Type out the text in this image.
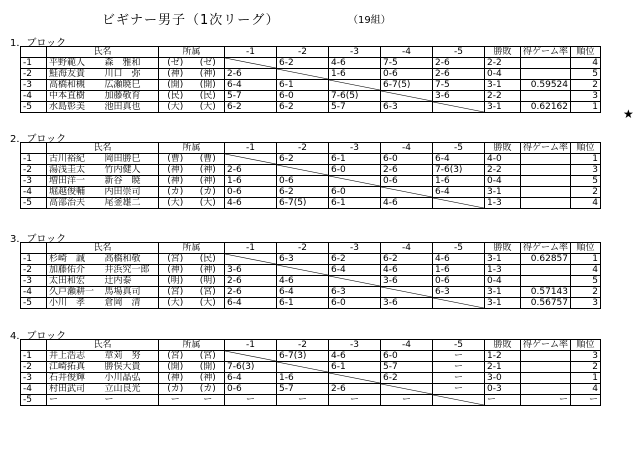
ビギナー男子（1次リーグ）	（19組）
1．ブロック
	氏名		所属		-1	-2	-3	-4	-5	勝敗	得ゲーム率	順位
-1	平野範人	森　雅和	(ゼ)	(ゼ)		6-2	4-6	7-5	2-6	2-2		4
-2	鮭海友貴	川口　弥	(神)	(神)	2-6		1-6	0-6	2-6	0-4		5
-3	高橋和槻	広瀬暁巳	(開)	(開)	6-4	6-1		6-7(5)	7-5	3-1	0.59524	2
-4	中本直樹	加藤敬育	(民)	(民)	5-7	6-0	7-6(5)		3-6	2-2		3
-5	水島彰美	池田真也	(大)	(大)	6-2	6-2	5-7	6-3		3-1	0.62162	1 ★
2．ブロック
	氏名		所属		-1	-2	-3	-4	-5	勝敗	得ゲーム率	順位
-1	古川裕紀	岡田勝巳	(曹)	(曹)		6-2	6-1	6-0	6-4	4-0		1
-2	湯浅圭太	竹内健人	(神)	(神)	2-6		6-0	2-6	7-6(3)	2-2		3
-3	増田洋一	新谷　暁	(神)	(神)	1-6	0-6		0-6	1-6	0-4		5
-4	堀越俊輔	内田崇司	(カ)	(カ)	0-6	6-2	6-0		6-4	3-1		2
-5	高部治夫	尾釜雄二	(大)	(大)	4-6	6-7(5)	6-1	4-6		1-3		4
3．ブロック
	氏名		所属		-1	-2	-3	-4	-5	勝敗	得ゲーム率	順位
-1	杉崎　誠	高橋和敬	(宮)	(民)		6-3	6-2	6-2	4-6	3-1	0.62857	1
-2	加藤佑介	井浜究一郎	(神)	(神)	3-6		6-4	4-6	1-6	1-3		4
-3	太田和宏	辻内泰	(明)	(明)	2-6	4-6		3-6	0-6	0-4		5
-4	久戸瀬耕一	馬場真司	(宮)	(宮)	2-6	6-4	6-3		6-3	3-1	0.57143	2
-5	小川　孝	倉岡　清	(大)	(大)	6-4	6-1	6-0	3-6		3-1	0.56757	3
4．ブロック
	氏名		所属		-1	-2	-3	-4	-5	勝敗	得ゲーム率	順位
-1	井上浩志	章苅　努	(宮)	(宮)		6-7(3)	4-6	6-0	ー	1-2		3
-2	江崎拓真	勝俣大貴	(開)	(開)	7-6(3)		6-1	5-7	ー	2-1		2
-3	石井俊輝	小川晶弘	(神)	(神)	6-4	1-6		6-2	ー	3-0		1
-4	村田武司	立山良光	(カ)	(カ)	0-6	5-7	2-6		ー	0-3		4
-5	ー	ー	ー	ー	ー	ー	ー	ー		ー	ー	ー
